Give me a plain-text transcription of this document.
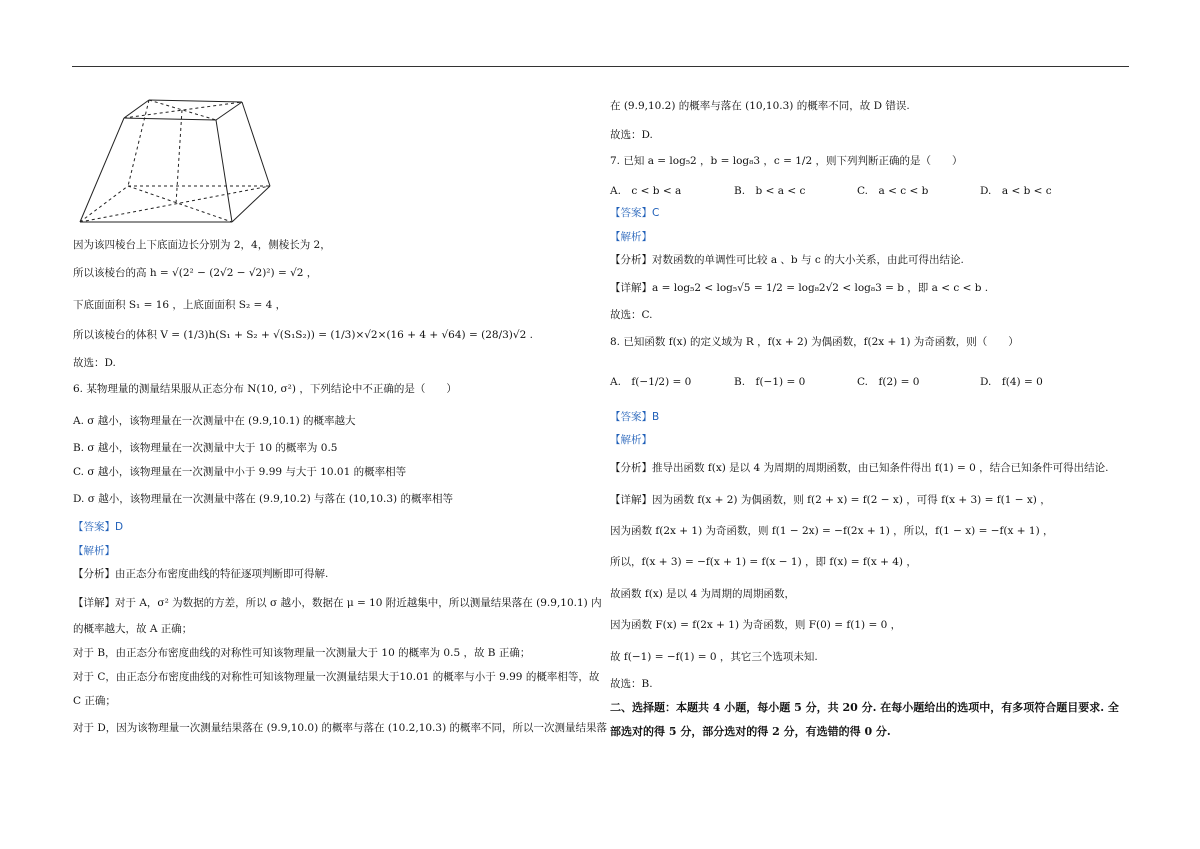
因为该四棱台上下底面边长分别为 2，4，侧棱长为 2，
所以该棱台的高 h = √(2² − (2√2 − √2)²) = √2 ，
下底面面积 S₁ = 16 ，上底面面积 S₂ = 4 ，
所以该棱台的体积 V = (1/3)h(S₁ + S₂ + √(S₁S₂)) = (1/3)×√2×(16 + 4 + √64) = (28/3)√2 .
故选：D.
6. 某物理量的测量结果服从正态分布 N(10, σ²) ，下列结论中不正确的是（　　）
A. σ 越小，该物理量在一次测量中在 (9.9,10.1) 的概率越大
B. σ 越小，该物理量在一次测量中大于 10 的概率为 0.5
C. σ 越小，该物理量在一次测量中小于 9.99 与大于 10.01 的概率相等
D. σ 越小，该物理量在一次测量中落在 (9.9,10.2) 与落在 (10,10.3) 的概率相等
【答案】D
【解析】
【分析】由正态分布密度曲线的特征逐项判断即可得解.
【详解】对于 A，σ² 为数据的方差，所以 σ 越小，数据在 μ = 10 附近越集中，所以测量结果落在 (9.9,10.1) 内
的概率越大，故 A 正确；
对于 B，由正态分布密度曲线的对称性可知该物理量一次测量大于 10 的概率为 0.5 ，故 B 正确；
对于 C，由正态分布密度曲线的对称性可知该物理量一次测量结果大于10.01 的概率与小于 9.99 的概率相等，故
C 正确；
对于 D，因为该物理量一次测量结果落在 (9.9,10.0) 的概率与落在 (10.2,10.3) 的概率不同，所以一次测量结果落
在 (9.9,10.2) 的概率与落在 (10,10.3) 的概率不同，故 D 错误.
故选：D.
7. 已知 a = log₅2 ，b = log₈3 ，c = 1/2 ，则下列判断正确的是（　　）
A.　c < b < a	B.　b < a < c	C.　a < c < b	D.　a < b < c
【答案】C
【解析】
【分析】对数函数的单调性可比较 a 、b 与 c 的大小关系，由此可得出结论.
【详解】a = log₅2 < log₅√5 = 1/2 = log₈2√2 < log₈3 = b ，即 a < c < b .
故选：C.
8. 已知函数 f(x) 的定义域为 R ，f(x + 2) 为偶函数，f(2x + 1) 为奇函数，则（　　）
A.　f(−1/2) = 0	B.　f(−1) = 0	C.　f(2) = 0	D.　f(4) = 0
【答案】B
【解析】
【分析】推导出函数 f(x) 是以 4 为周期的周期函数，由已知条件得出 f(1) = 0 ，结合已知条件可得出结论.
【详解】因为函数 f(x + 2) 为偶函数，则 f(2 + x) = f(2 − x) ，可得 f(x + 3) = f(1 − x) ，
因为函数 f(2x + 1) 为奇函数，则 f(1 − 2x) = −f(2x + 1) ，所以，f(1 − x) = −f(x + 1) ，
所以，f(x + 3) = −f(x + 1) = f(x − 1) ，即 f(x) = f(x + 4) ，
故函数 f(x) 是以 4 为周期的周期函数，
因为函数 F(x) = f(2x + 1) 为奇函数，则 F(0) = f(1) = 0 ，
故 f(−1) = −f(1) = 0 ，其它三个选项未知.
故选：B.
二、选择题：本题共 4 小题，每小题 5 分，共 20 分. 在每小题给出的选项中，有多项符合题目要求. 全
部选对的得 5 分，部分选对的得 2 分，有选错的得 0 分.
